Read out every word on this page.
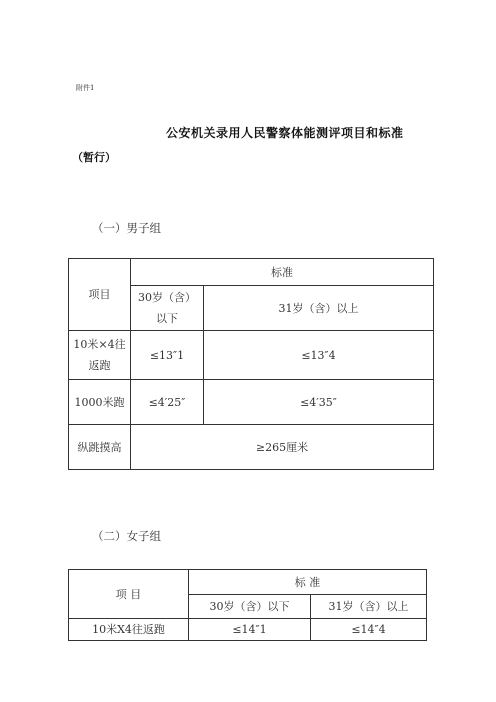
附件1
公安机关录用人民警察体能测评项目和标准
（暂行）
（一）男子组
项目	标准	
	30岁（含）以下	31岁（含）以上
10米×4往返跑	≤13″1	≤13″4
1000米跑	≤4′25″	≤4′35″
纵跳摸高	≥265厘米	
（二）女子组
项 目	标 准	
	30岁（含）以下	31岁（含）以上
10米X4往返跑	≤14″1	≤14″4
